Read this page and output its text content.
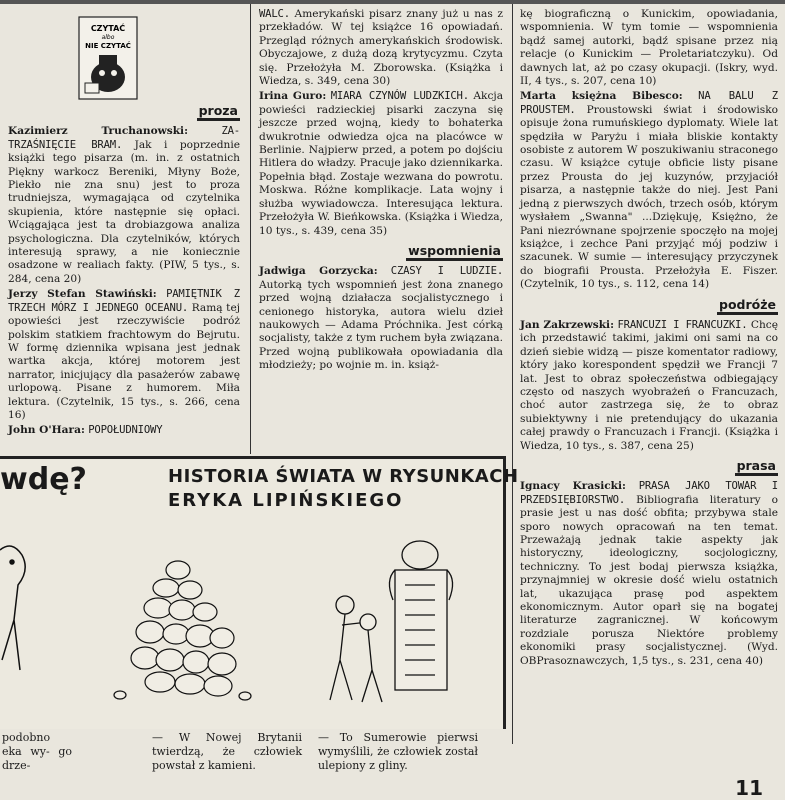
CZYTAĆ
albo
NIE CZYTAĆ
proza

Kazimierz Truchanowski:	ZA-TRZAŚNIĘCIE BRAM. Jak i poprzednie książki tego pisarza (m. in. z ostatnich Piękny warkocz Bereniki, Młyny Boże, Piekło nie zna snu) jest to proza trudniejsza, wymagająca od czytelnika skupienia, które następnie się opłaci. Wciągająca jest ta drobiazgowa analiza psychologiczna. Dla czytelników, których interesują sprawy, a nie koniecznie osadzone w realiach fakty. (PIW, 5 tys., s. 284, cena 20)

Jerzy Stefan Stawiński: PAMIĘTNIK Z TRZECH MÓRZ I JEDNEGO OCEANU. Ramą tej opowieści jest rzeczywiście podróż polskim statkiem frachtowym do Bejrutu. W formę dziennika wpisana jest jednak wartka akcja, której motorem jest narrator, inicjujący dla pasażerów zabawę urlopową. Pisane z humorem. Miła lektura. (Czytelnik, 15 tys., s. 266, cena 16)

John O'Hara: POPOŁUDNIOWY

WALC. Amerykański pisarz znany już u nas z przekładów. W tej książce 16 opowiadań. Przegląd różnych amerykańskich środowisk. Obyczajowe, z dużą dozą krytycyzmu. Czyta się. Przełożyła M. Zborowska. (Książka i Wiedza, s. 349, cena 30)

Irina Guro: MIARA CZYNÓW LUDZKICH. Akcja powieści radzieckiej pisarki zaczyna się jeszcze przed wojną, kiedy to bohaterka dwukrotnie odwiedza ojca na placówce w Berlinie. Najpierw przed, a potem po dojściu Hitlera do władzy. Pracuje jako dziennikarka. Popełnia błąd. Zostaje wezwana do powrotu. Moskwa. Różne komplikacje. Lata wojny i służba wywiadowcza. Interesująca lektura. Przełożyła W. Bieńkowska. (Książka i Wiedza, 10 tys., s. 439, cena 35)

wspomnienia

Jadwiga Gorzycka: CZASY I LUDZIE. Autorką tych wspomnień jest żona znanego przed wojną działacza socjalistycznego i cenionego historyka, autora wielu dzieł naukowych — Adama Próchnika. Jest córką socjalisty, także z tym ruchem była związana. Przed wojną publikowała opowiadania dla młodzieży; po wojnie m. in. książ-

kę biograficzną o Kunickim, opowiadania, wspomnienia. W tym tomie — wspomnienia bądź samej autorki, bądź spisane przez nią relacje (o Kunickim — Proletariatczyku). Od dawnych lat, aż po czasy okupacji. (Iskry, wyd. II, 4 tys., s. 207, cena 10)

Marta księżna Bibesco: NA BALU Z PROUSTEM. Proustowski świat i środowisko opisuje żona rumuńskiego dyplomaty. Wiele lat spędziła w Paryżu i miała bliskie kontakty osobiste z autorem W poszukiwaniu straconego czasu. W książce cytuje obficie listy pisane przez Prousta do jej kuzynów, przyjaciół pisarza, a następnie także do niej. Jest Pani jedną z pierwszych dwóch, trzech osób, którym wysłałem „Swanna" ...Dziękuję, Księżno, że Pani niezrównane spojrzenie spoczęło na mojej książce, i zechce Pani przyjąć mój podziw i szacunek. W sumie — interesujący przyczynek do biografii Prousta. Przełożyła E. Fiszer. (Czytelnik, 10 tys., s. 112, cena 14)

podróże

Jan Zakrzewski: FRANCUZI I FRANCUZKI. Chcę ich przedstawić takimi, jakimi oni sami na co dzień siebie widzą — pisze komentator radiowy, który jako korespondent spędził we Francji 7 lat. Jest to obraz społeczeństwa odbiegający często od naszych wyobrażeń o Francuzach, choć autor zastrzega się, że to obraz subiektywny i nie pretendujący do ukazania całej prawdy o Francuzach i Francji. (Książka i Wiedza, 10 tys., s. 387, cena 25)

prasa

Ignacy Krasicki: PRASA JAKO TOWAR I PRZEDSIĘBIORSTWO. Bibliografia literatury o prasie jest u nas dość obfita; przybywa stale sporo nowych opracowań na ten temat. Przeważają jednak takie aspekty jak historyczny, ideologiczny, socjologiczny, techniczny. To jest bodaj pierwsza książka, przynajmniej w okresie dość wielu ostatnich lat, ukazująca prasę pod aspektem ekonomicznym. Autor oparł się na bogatej literaturze zagranicznej. W końcowym rozdziale porusza Niektóre problemy ekonomiki prasy socjalistycznej. (Wyd. OBPrasoznawczych, 1,5 tys., s. 231, cena 40)

wdę?	HISTORIA ŚWIATA W RYSUNKACH
ERYKA LIPIŃSKIEGO
podobno eka wy- go drze-
— W Nowej Brytanii twierdzą, że człowiek powstał z kamieni.
— To Sumerowie pierwsi wymyślili, że człowiek został ulepiony z gliny.
11
